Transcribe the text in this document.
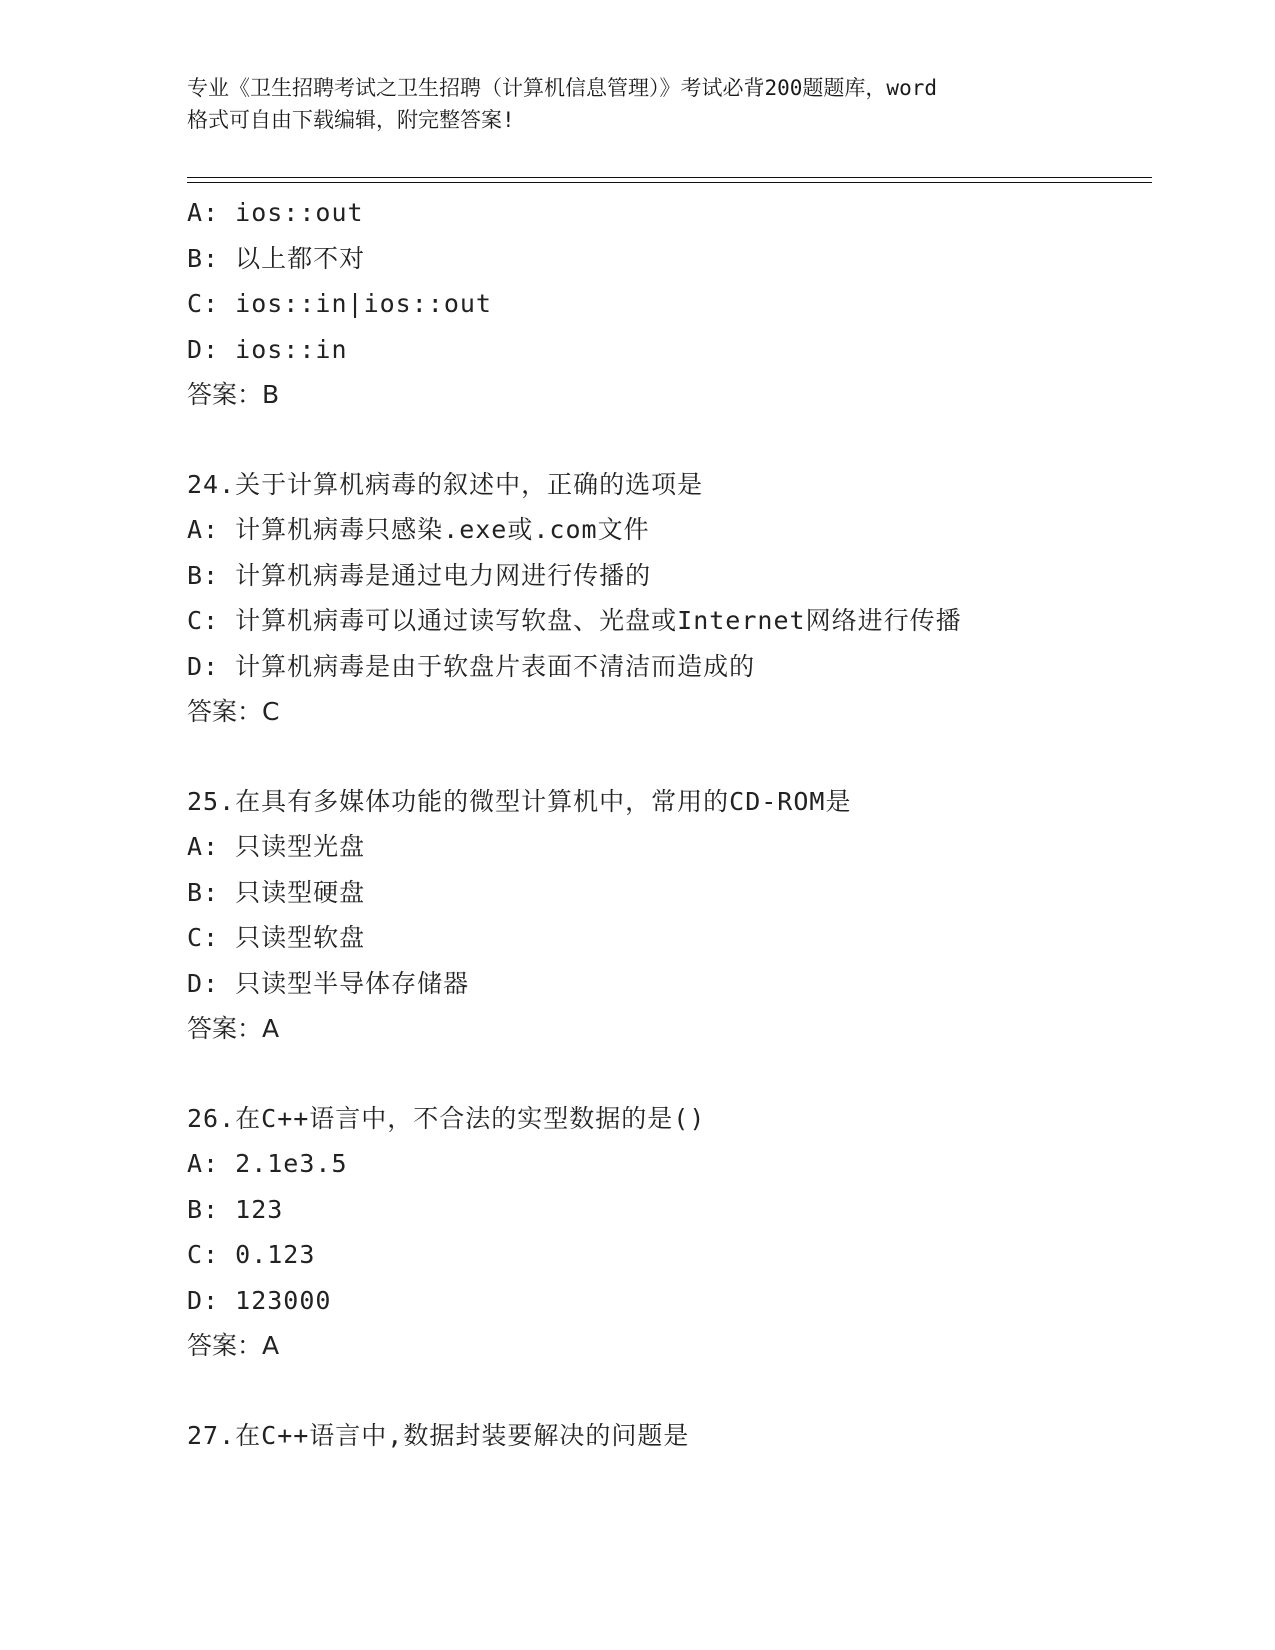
专业《卫生招聘考试之卫生招聘（计算机信息管理）》考试必背200题题库，word
格式可自由下载编辑，附完整答案!
A: ios::out
B: 以上都不对
C: ios::in|ios::out
D: ios::in
答案：B
24.关于计算机病毒的叙述中，正确的选项是
A: 计算机病毒只感染.exe或.com文件
B: 计算机病毒是通过电力网进行传播的
C: 计算机病毒可以通过读写软盘、光盘或Internet网络进行传播
D: 计算机病毒是由于软盘片表面不清洁而造成的
答案：C
25.在具有多媒体功能的微型计算机中，常用的CD-ROM是
A: 只读型光盘
B: 只读型硬盘
C: 只读型软盘
D: 只读型半导体存储器
答案：A
26.在C++语言中，不合法的实型数据的是()
A: 2.1e3.5
B: 123
C: 0.123
D: 123000
答案：A
27.在C++语言中,数据封装要解决的问题是
